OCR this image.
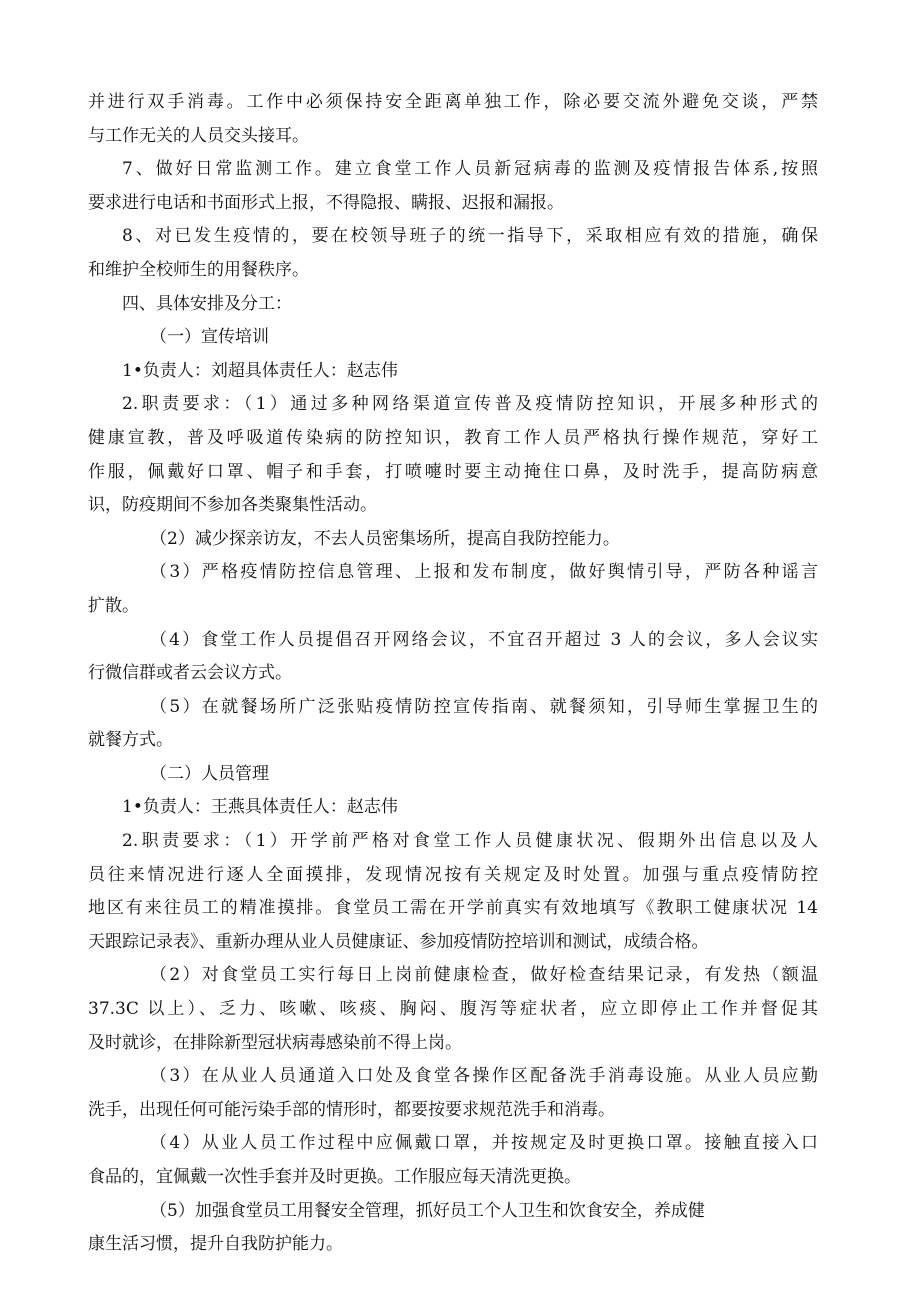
并进行双手消毒。工作中必须保持安全距离单独工作，除必要交流外避免交谈，严禁
与工作无关的人员交头接耳。
7、做好日常监测工作。建立食堂工作人员新冠病毒的监测及疫情报告体系,按照
要求进行电话和书面形式上报，不得隐报、瞒报、迟报和漏报。
8、对已发生疫情的，要在校领导班子的统一指导下，采取相应有效的措施，确保
和维护全校师生的用餐秩序。
四、具体安排及分工：
（一）宣传培训
1•负责人：刘超具体责任人：赵志伟
2.职责要求：（1）通过多种网络渠道宣传普及疫情防控知识，开展多种形式的
健康宣教，普及呼吸道传染病的防控知识，教育工作人员严格执行操作规范，穿好工
作服，佩戴好口罩、帽子和手套，打喷嚏时要主动掩住口鼻，及时洗手，提高防病意
识，防疫期间不参加各类聚集性活动。
（2）减少探亲访友，不去人员密集场所，提高自我防控能力。
（3）严格疫情防控信息管理、上报和发布制度，做好舆情引导，严防各种谣言
扩散。
（4）食堂工作人员提倡召开网络会议，不宜召开超过 3 人的会议，多人会议实
行微信群或者云会议方式。
（5）在就餐场所广泛张贴疫情防控宣传指南、就餐须知，引导师生掌握卫生的
就餐方式。
（二）人员管理
1•负责人：王燕具体责任人：赵志伟
2.职责要求：（1）开学前严格对食堂工作人员健康状况、假期外出信息以及人
员往来情况进行逐人全面摸排，发现情况按有关规定及时处置。加强与重点疫情防控
地区有来往员工的精准摸排。食堂员工需在开学前真实有效地填写《教职工健康状况 14
天跟踪记录表》、重新办理从业人员健康证、参加疫情防控培训和测试，成绩合格。
（2）对食堂员工实行每日上岗前健康检查，做好检查结果记录，有发热（额温
37.3C 以上）、乏力、咳嗽、咳痰、胸闷、腹泻等症状者，应立即停止工作并督促其
及时就诊，在排除新型冠状病毒感染前不得上岗。
（3）在从业人员通道入口处及食堂各操作区配备洗手消毒设施。从业人员应勤
洗手，出现任何可能污染手部的情形时，都要按要求规范洗手和消毒。
（4）从业人员工作过程中应佩戴口罩，并按规定及时更换口罩。接触直接入口
食品的，宜佩戴一次性手套并及时更换。工作服应每天清洗更换。
（5）加强食堂员工用餐安全管理，抓好员工个人卫生和饮食安全，养成健
康生活习惯，提升自我防护能力。
